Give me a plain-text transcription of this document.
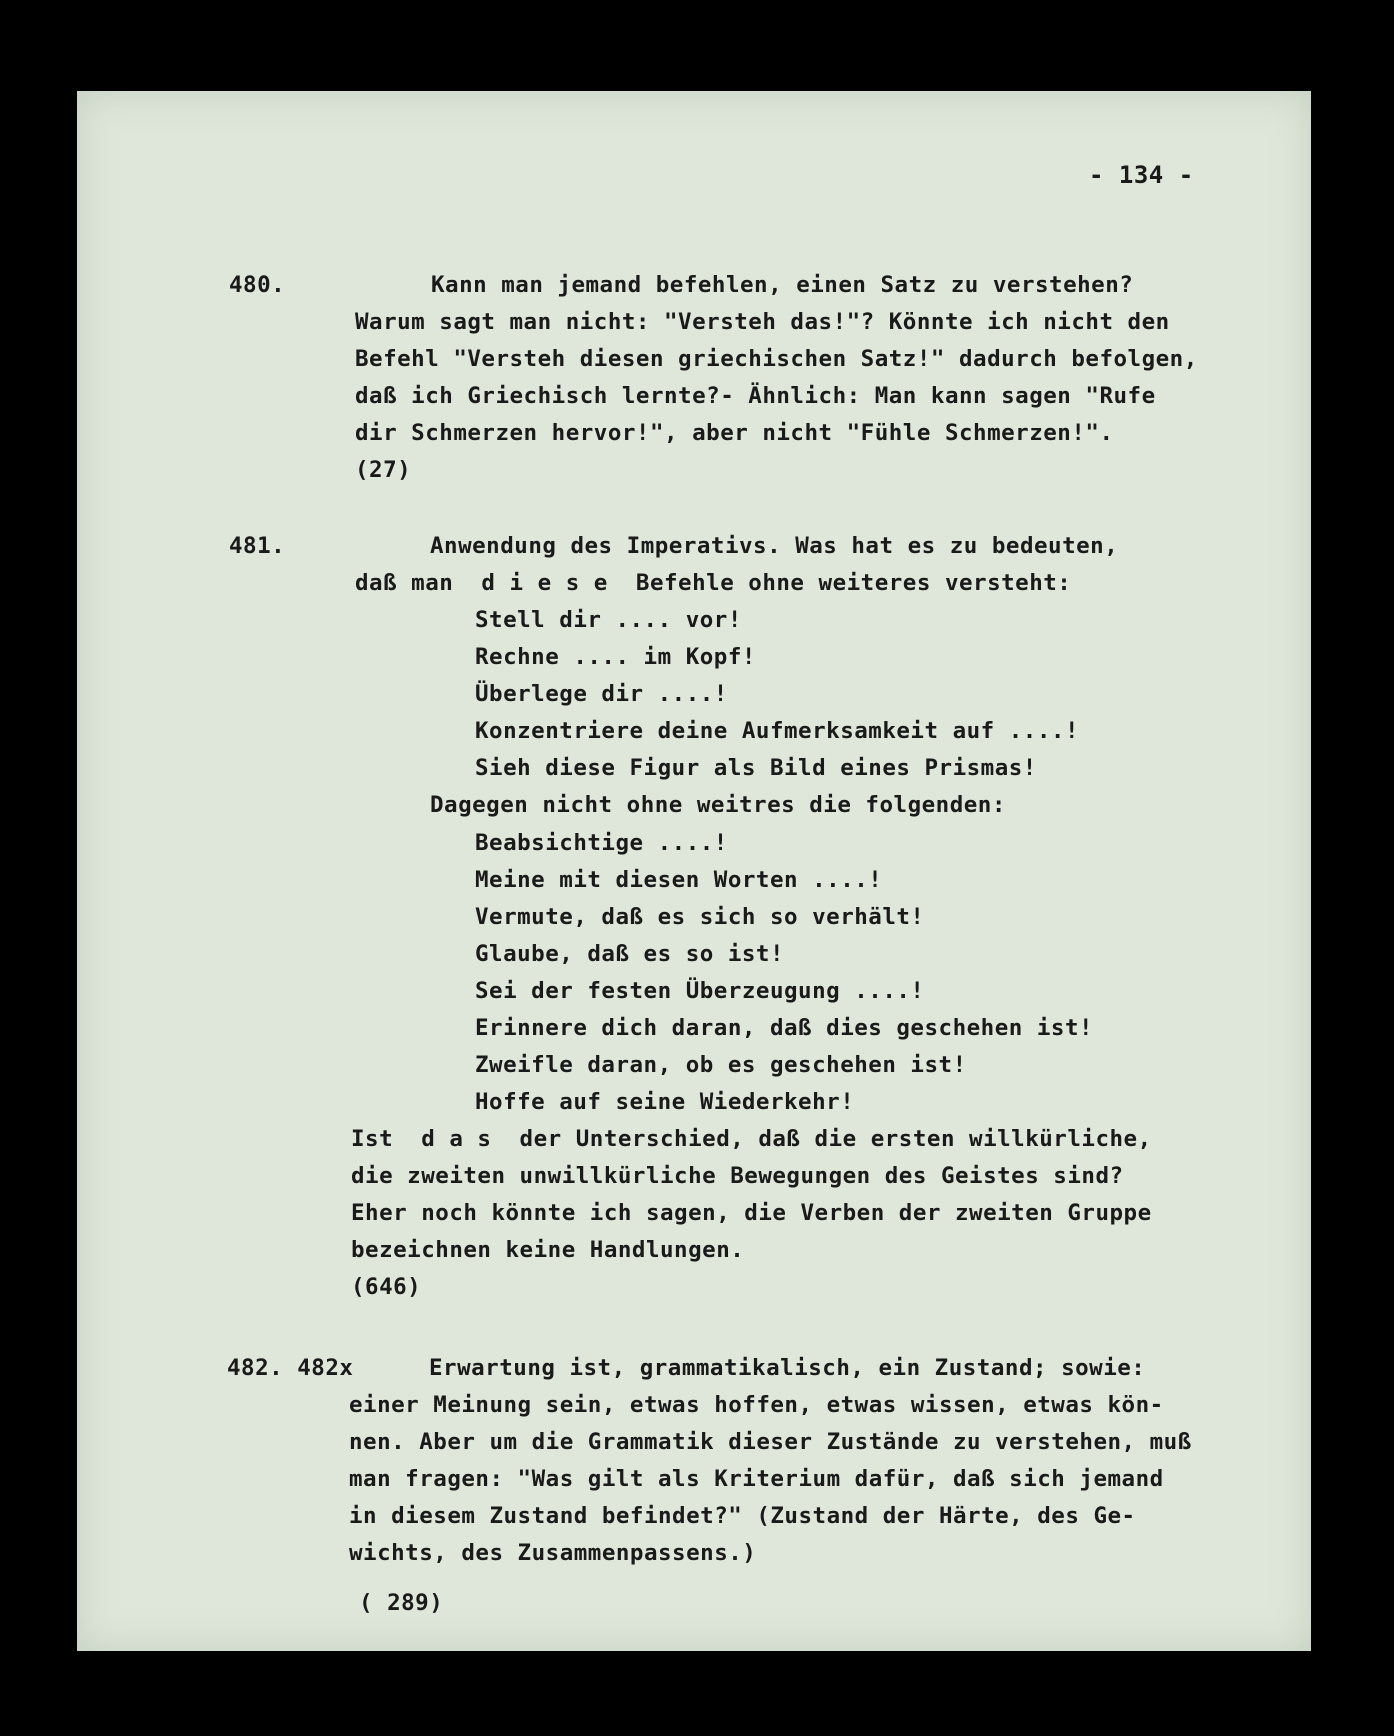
- 134 -
480.	Kann man jemand befehlen, einen Satz zu verstehen?
Warum sagt man nicht: "Versteh das!"? Könnte ich nicht den
Befehl "Versteh diesen griechischen Satz!" dadurch befolgen,
daß ich Griechisch lernte?- Ähnlich: Man kann sagen "Rufe
dir Schmerzen hervor!", aber nicht "Fühle Schmerzen!".
(27)
481.	Anwendung des Imperativs. Was hat es zu bedeuten,
daß man  d i e s e  Befehle ohne weiteres versteht:
Stell dir .... vor!
Rechne .... im Kopf!
Überlege dir ....!
Konzentriere deine Aufmerksamkeit auf ....!
Sieh diese Figur als Bild eines Prismas!
Dagegen nicht ohne weitres die folgenden:
Beabsichtige ....!
Meine mit diesen Worten ....!
Vermute, daß es sich so verhält!
Glaube, daß es so ist!
Sei der festen Überzeugung ....!
Erinnere dich daran, daß dies geschehen ist!
Zweifle daran, ob es geschehen ist!
Hoffe auf seine Wiederkehr!
Ist  d a s  der Unterschied, daß die ersten willkürliche,
die zweiten unwillkürliche Bewegungen des Geistes sind?
Eher noch könnte ich sagen, die Verben der zweiten Gruppe
bezeichnen keine Handlungen.
(646)
482. 482x	Erwartung ist, grammatikalisch, ein Zustand; sowie:
einer Meinung sein, etwas hoffen, etwas wissen, etwas kön-
nen. Aber um die Grammatik dieser Zustände zu verstehen, muß
man fragen: "Was gilt als Kriterium dafür, daß sich jemand
in diesem Zustand befindet?" (Zustand der Härte, des Ge-
wichts, des Zusammenpassens.)
( 289)
